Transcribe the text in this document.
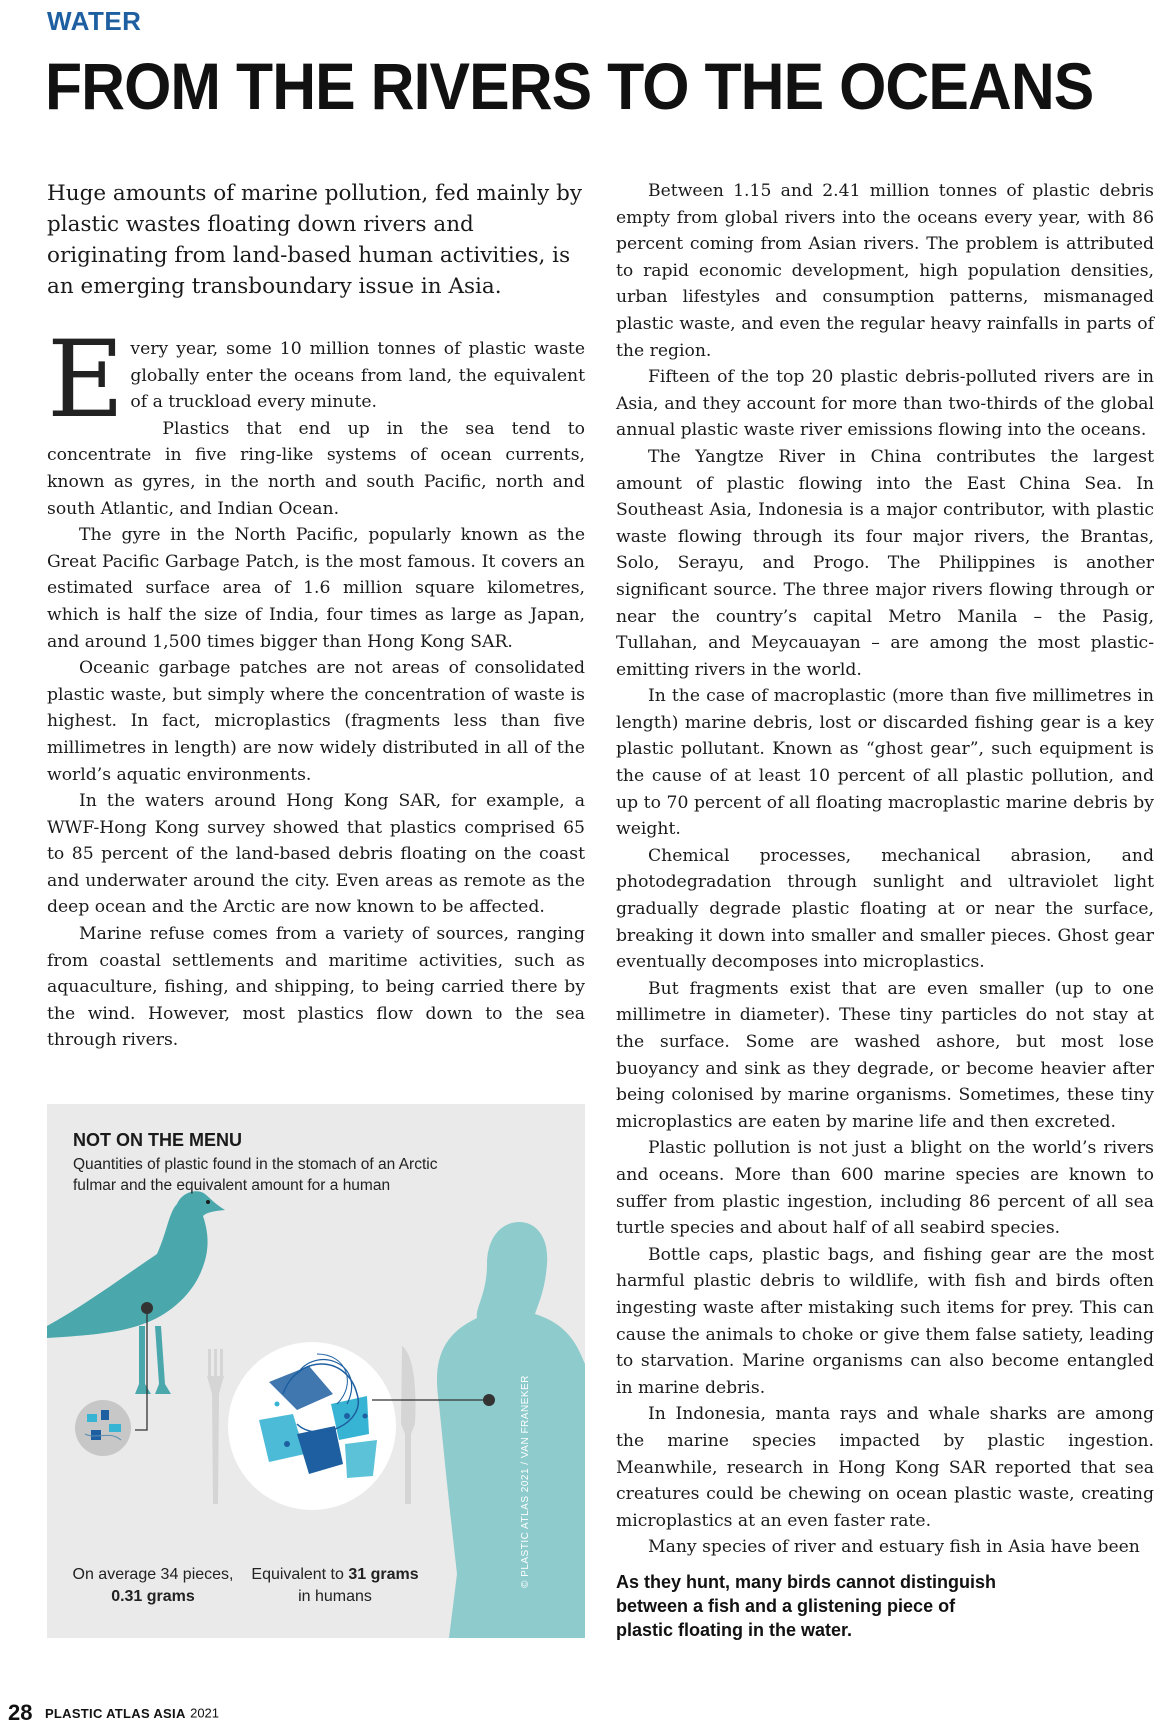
WATER
FROM THE RIVERS TO THE OCEANS

Huge amounts of marine pollution, fed mainly by plastic wastes floating down rivers and originating from land-based human activities, is an emerging transboundary issue in Asia.

Every year, some 10 million tonnes of plastic waste globally enter the oceans from land, the equivalent of a truckload every minute.

Plastics that end up in the sea tend to concentrate in five ring-like systems of ocean currents, known as gyres, in the north and south Pacific, north and south Atlantic, and Indian Ocean.

The gyre in the North Pacific, popularly known as the Great Pacific Garbage Patch, is the most famous. It covers an estimated surface area of 1.6 million square kilometres, which is half the size of India, four times as large as Japan, and around 1,500 times bigger than Hong Kong SAR.

Oceanic garbage patches are not areas of consolidated plastic waste, but simply where the concentration of waste is highest. In fact, microplastics (fragments less than five millimetres in length) are now widely distributed in all of the world’s aquatic environments.

In the waters around Hong Kong SAR, for example, a WWF-Hong Kong survey showed that plastics comprised 65 to 85 percent of the land-based debris floating on the coast and underwater around the city. Even areas as remote as the deep ocean and the Arctic are now known to be affected.

Marine refuse comes from a variety of sources, ranging from coastal settlements and maritime activities, such as aquaculture, fishing, and shipping, to being carried there by the wind. However, most plastics flow down to the sea through rivers.

Between 1.15 and 2.41 million tonnes of plastic debris empty from global rivers into the oceans every year, with 86 percent coming from Asian rivers. The problem is attributed to rapid economic development, high population densities, urban lifestyles and consumption patterns, mismanaged plastic waste, and even the regular heavy rainfalls in parts of the region.

Fifteen of the top 20 plastic debris-polluted rivers are in Asia, and they account for more than two-thirds of the global annual plastic waste river emissions flowing into the oceans.

The Yangtze River in China contributes the largest amount of plastic flowing into the East China Sea. In Southeast Asia, Indonesia is a major contributor, with plastic waste flowing through its four major rivers, the Brantas, Solo, Serayu, and Progo. The Philippines is another significant source. The three major rivers flowing through or near the country’s capital Metro Manila – the Pasig, Tullahan, and Meycauayan – are among the most plastic-emitting rivers in the world.

In the case of macroplastic (more than five millimetres in length) marine debris, lost or discarded fishing gear is a key plastic pollutant. Known as “ghost gear”, such equipment is the cause of at least 10 percent of all plastic pollution, and up to 70 percent of all floating macroplastic marine debris by weight.

Chemical processes, mechanical abrasion, and photodegradation through sunlight and ultraviolet light gradually degrade plastic floating at or near the surface, breaking it down into smaller and smaller pieces. Ghost gear eventually decomposes into microplastics.

But fragments exist that are even smaller (up to one millimetre in diameter). These tiny particles do not stay at the surface. Some are washed ashore, but most lose buoyancy and sink as they degrade, or become heavier after being colonised by marine organisms. Sometimes, these tiny microplastics are eaten by marine life and then excreted.

Plastic pollution is not just a blight on the world’s rivers and oceans. More than 600 marine species are known to suffer from plastic ingestion, including 86 percent of all sea turtle species and about half of all seabird species.

Bottle caps, plastic bags, and fishing gear are the most harmful plastic debris to wildlife, with fish and birds often ingesting waste after mistaking such items for prey. This can cause the animals to choke or give them false satiety, leading to starvation. Marine organisms can also become entangled in marine debris.

In Indonesia, manta rays and whale sharks are among the marine species impacted by plastic ingestion. Meanwhile, research in Hong Kong SAR reported that sea creatures could be chewing on ocean plastic waste, creating microplastics at an even faster rate.

Many species of river and estuary fish in Asia have been

NOT ON THE MENU
Quantities of plastic found in the stomach of an Arctic fulmar and the equivalent amount for a human
On average 34 pieces,
0.31 grams
Equivalent to 31 grams
in humans
© PLASTIC ATLAS 2021 / VAN FRANEKER	As they hunt, many birds cannot distinguish between a fish and a glistening piece of plastic floating in the water.

28 PLASTIC ATLAS ASIA 2021
